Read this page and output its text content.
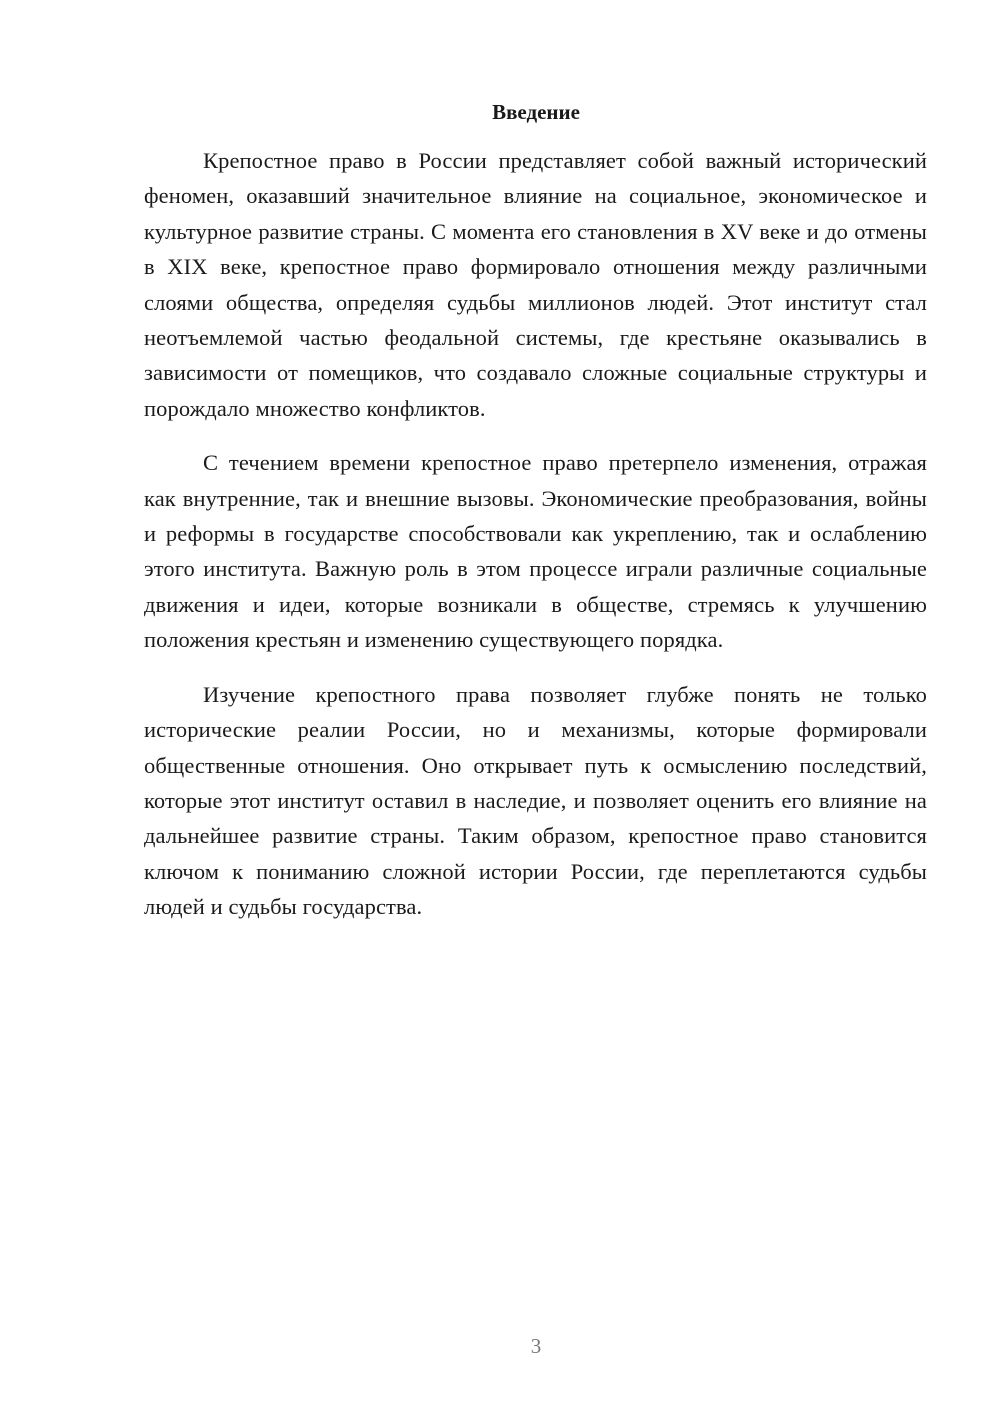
Введение

Крепостное право в России представляет собой важный исторический феномен, оказавший значительное влияние на социальное, экономическое и культурное развитие страны. С момента его становления в XV веке и до отмены в XIX веке, крепостное право формировало отношения между различными слоями общества, определяя судьбы миллионов людей. Этот институт стал неотъемлемой частью феодальной системы, где крестьяне оказывались в зависимости от помещиков, что создавало сложные социальные структуры и порождало множество конфликтов.

С течением времени крепостное право претерпело изменения, отражая как внутренние, так и внешние вызовы. Экономические преобразования, войны и реформы в государстве способствовали как укреплению, так и ослаблению этого института. Важную роль в этом процессе играли различные социальные движения и идеи, которые возникали в обществе, стремясь к улучшению положения крестьян и изменению существующего порядка.

Изучение крепостного права позволяет глубже понять не только исторические реалии России, но и механизмы, которые формировали общественные отношения. Оно открывает путь к осмыслению последствий, которые этот институт оставил в наследие, и позволяет оценить его влияние на дальнейшее развитие страны. Таким образом, крепостное право становится ключом к пониманию сложной истории России, где переплетаются судьбы людей и судьбы государства.

3
